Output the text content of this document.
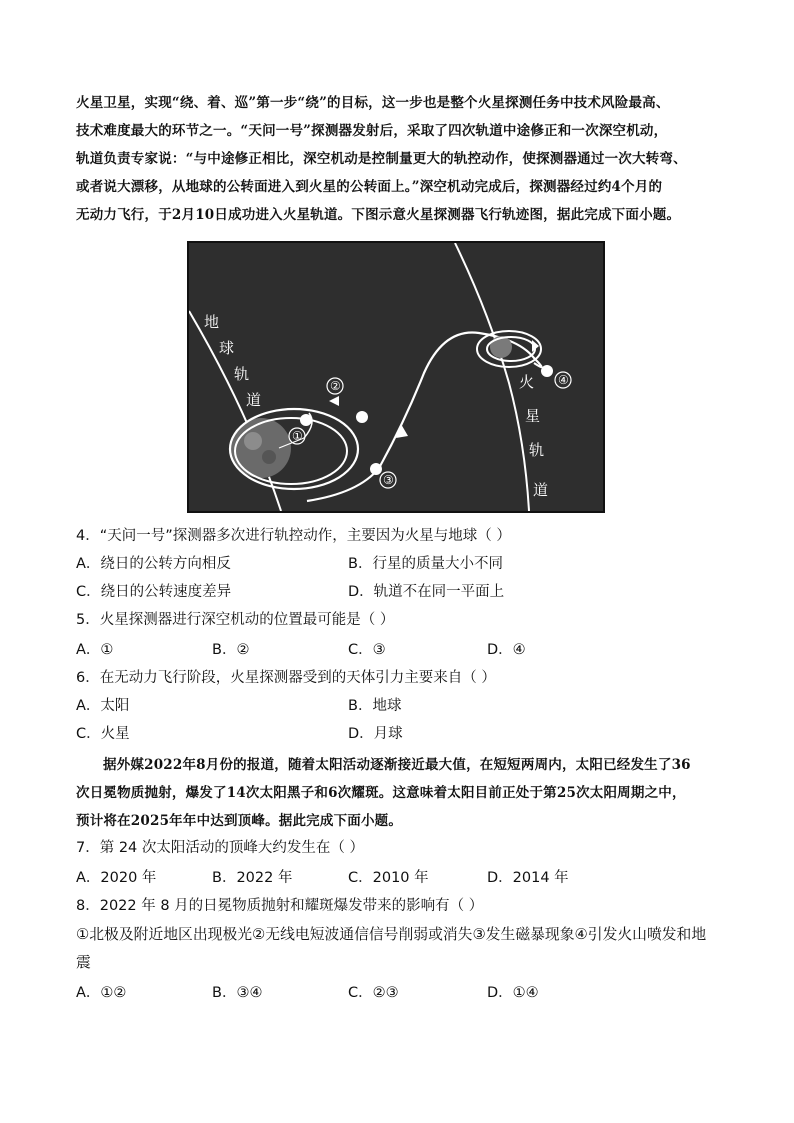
火星卫星，实现“绕、着、巡”第一步“绕”的目标，这一步也是整个火星探测任务中技术风险最高、
技术难度最大的环节之一。“天问一号”探测器发射后，采取了四次轨道中途修正和一次深空机动，
轨道负责专家说：“与中途修正相比，深空机动是控制量更大的轨控动作，使探测器通过一次大转弯、
或者说大漂移，从地球的公转面进入到火星的公转面上。”深空机动完成后，探测器经过约4个月的
无动力飞行，于2月10日成功进入火星轨道。下图示意火星探测器飞行轨迹图，据此完成下面小题。
①
②
③
④
地
球
轨
道
火
星
轨
道
4．“天问一号”探测器多次进行轨控动作，主要因为火星与地球（ ）
A．绕日的公转方向相反	B．行星的质量大小不同
C．绕日的公转速度差异	D．轨道不在同一平面上
5．火星探测器进行深空机动的位置最可能是（ ）
A．①	B．②	C．③	D．④
6．在无动力飞行阶段，火星探测器受到的天体引力主要来自（ ）
A．太阳	B．地球
C．火星	D．月球
据外媒2022年8月份的报道，随着太阳活动逐渐接近最大值，在短短两周内，太阳已经发生了36
次日冕物质抛射，爆发了14次太阳黑子和6次耀斑。这意味着太阳目前正处于第25次太阳周期之中，
预计将在2025年年中达到顶峰。据此完成下面小题。
7．第 24 次太阳活动的顶峰大约发生在（ ）
A．2020 年	B．2022 年	C．2010 年	D．2014 年
8．2022 年 8 月的日冕物质抛射和耀斑爆发带来的影响有（ ）
①北极及附近地区出现极光②无线电短波通信信号削弱或消失③发生磁暴现象④引发火山喷发和地
震
A．①②	B．③④	C．②③	D．①④
